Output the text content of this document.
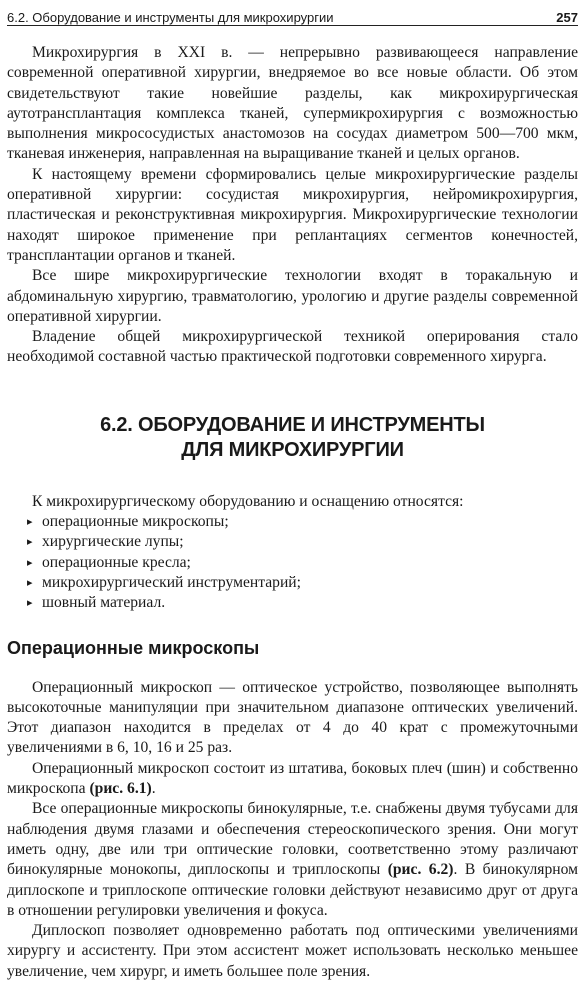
6.2. Оборудование и инструменты для микрохирургии	257

Микрохирургия в XXI в. — непрерывно развивающееся направление современной оперативной хирургии, внедряемое во все новые области. Об этом свидетельствуют такие новейшие разделы, как микрохирургическая аутотрансплантация комплекса тканей, супермикрохирургия с возможностью выполнения микрососудистых анастомозов на сосудах диаметром 500—700 мкм, тканевая инженерия, направленная на выращивание тканей и целых органов.

К настоящему времени сформировались целые микрохирургические разделы оперативной хирургии: сосудистая микрохирургия, нейромикрохирургия, пластическая и реконструктивная микрохирургия. Микрохирургические технологии находят широкое применение при реплантациях сегментов конечностей, трансплантации органов и тканей.

Все шире микрохирургические технологии входят в торакальную и абдоминальную хирургию, травматологию, урологию и другие разделы современной оперативной хирургии.

Владение общей микрохирургической техникой оперирования стало необходимой составной частью практической подготовки современного хирурга.

6.2. ОБОРУДОВАНИЕ И ИНСТРУМЕНТЫ
ДЛЯ МИКРОХИРУРГИИ

К микрохирургическому оборудованию и оснащению относятся:

▸ операционные микроскопы;
▸ хирургические лупы;
▸ операционные кресла;
▸ микрохирургический инструментарий;
▸ шовный материал.
Операционные микроскопы

Операционный микроскоп — оптическое устройство, позволяющее выполнять высокоточные манипуляции при значительном диапазоне оптических увеличений. Этот диапазон находится в пределах от 4 до 40 крат с промежуточными увеличениями в 6, 10, 16 и 25 раз.

Операционный микроскоп состоит из штатива, боковых плеч (шин) и собственно микроскопа (рис. 6.1).

Все операционные микроскопы бинокулярные, т.е. снабжены двумя тубусами для наблюдения двумя глазами и обеспечения стереоскопического зрения. Они могут иметь одну, две или три оптические головки, соответственно этому различают бинокулярные монокопы, диплоскопы и триплоскопы (рис. 6.2). В бинокулярном диплоскопе и триплоскопе оптические головки действуют независимо друг от друга в отношении регулировки увеличения и фокуса.

Диплоскоп позволяет одновременно работать под оптическими увеличениями хирургу и ассистенту. При этом ассистент может использовать несколько меньшее увеличение, чем хирург, и иметь большее поле зрения.
